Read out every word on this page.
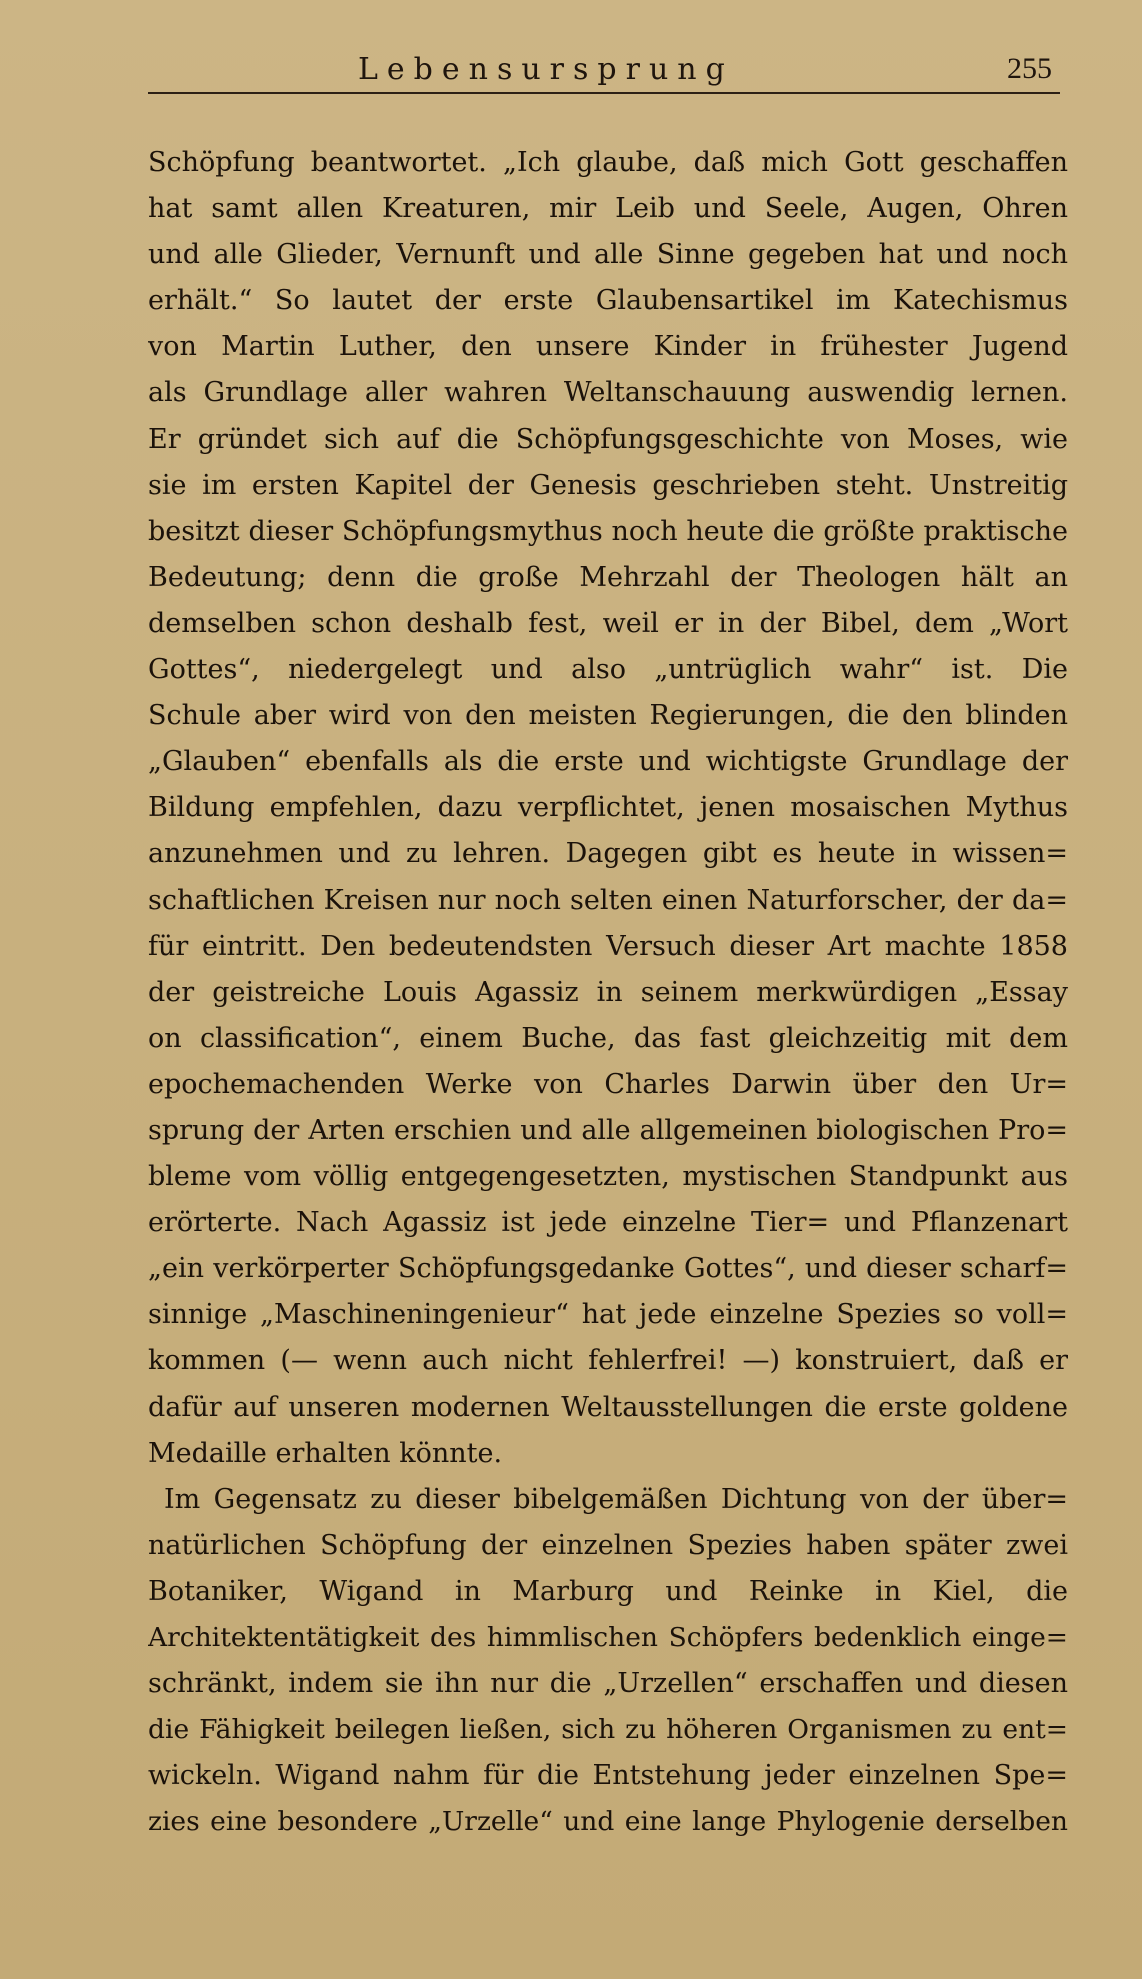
Lebensursprung	255
Schöpfung beantwortet. „Ich glaube, daß mich Gott geschaffen
hat samt allen Kreaturen, mir Leib und Seele, Augen, Ohren
und alle Glieder, Vernunft und alle Sinne gegeben hat und noch
erhält.“ So lautet der erste Glaubensartikel im Katechismus
von Martin Luther, den unsere Kinder in frühester Jugend
als Grundlage aller wahren Weltanschauung auswendig lernen.
Er gründet sich auf die Schöpfungsgeschichte von Moses, wie
sie im ersten Kapitel der Genesis geschrieben steht. Unstreitig
besitzt dieser Schöpfungsmythus noch heute die größte praktische
Bedeutung; denn die große Mehrzahl der Theologen hält an
demselben schon deshalb fest, weil er in der Bibel, dem „Wort
Gottes“, niedergelegt und also „untrüglich wahr“ ist. Die
Schule aber wird von den meisten Regierungen, die den blinden
„Glauben“ ebenfalls als die erste und wichtigste Grundlage der
Bildung empfehlen, dazu verpflichtet, jenen mosaischen Mythus
anzunehmen und zu lehren. Dagegen gibt es heute in wissen=
schaftlichen Kreisen nur noch selten einen Naturforscher, der da=
für eintritt. Den bedeutendsten Versuch dieser Art machte 1858
der geistreiche Louis Agassiz in seinem merkwürdigen „Essay
on classification“, einem Buche, das fast gleichzeitig mit dem
epochemachenden Werke von Charles Darwin über den Ur=
sprung der Arten erschien und alle allgemeinen biologischen Pro=
bleme vom völlig entgegengesetzten, mystischen Standpunkt aus
erörterte. Nach Agassiz ist jede einzelne Tier= und Pflanzenart
„ein verkörperter Schöpfungsgedanke Gottes“, und dieser scharf=
sinnige „Maschineningenieur“ hat jede einzelne Spezies so voll=
kommen (— wenn auch nicht fehlerfrei! —) konstruiert, daß er
dafür auf unseren modernen Weltausstellungen die erste goldene
Medaille erhalten könnte.
Im Gegensatz zu dieser bibelgemäßen Dichtung von der über=
natürlichen Schöpfung der einzelnen Spezies haben später zwei
Botaniker, Wigand in Marburg und Reinke in Kiel, die
Architektentätigkeit des himmlischen Schöpfers bedenklich einge=
schränkt, indem sie ihn nur die „Urzellen“ erschaffen und diesen
die Fähigkeit beilegen ließen, sich zu höheren Organismen zu ent=
wickeln. Wigand nahm für die Entstehung jeder einzelnen Spe=
zies eine besondere „Urzelle“ und eine lange Phylogenie derselben
